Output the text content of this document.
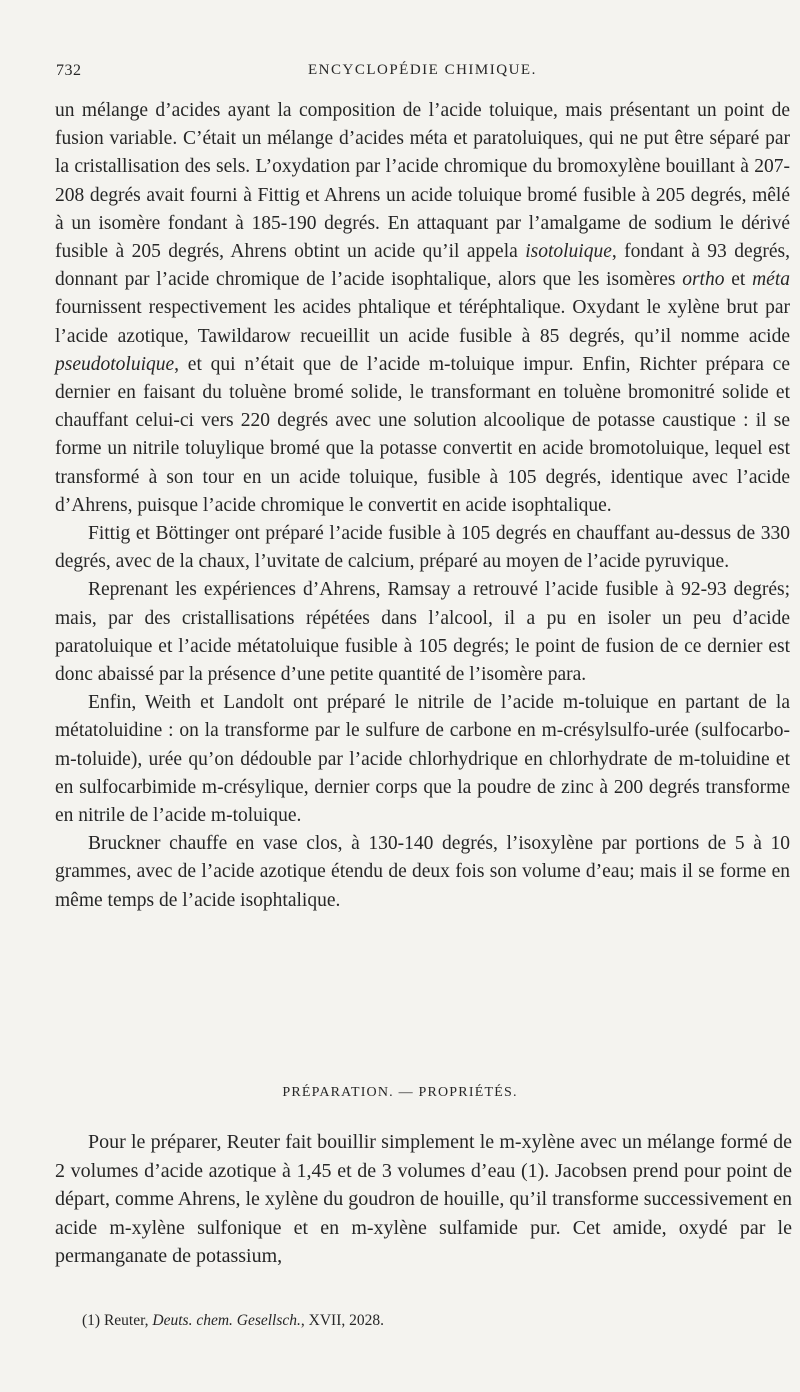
732	ENCYCLOPÉDIE CHIMIQUE.

un mélange d’acides ayant la composition de l’acide toluique, mais présentant un point de fusion variable. C’était un mélange d’acides méta et paratoluiques, qui ne put être séparé par la cristallisation des sels. L’oxydation par l’acide chromique du bromoxylène bouillant à 207-208 degrés avait fourni à Fittig et Ahrens un acide toluique bromé fusible à 205 degrés, mêlé à un isomère fondant à 185-190 degrés. En attaquant par l’amalgame de sodium le dérivé fusible à 205 degrés, Ahrens obtint un acide qu’il appela isotoluique, fondant à 93 degrés, donnant par l’acide chromique de l’acide isophtalique, alors que les isomères ortho et méta fournissent respectivement les acides phtalique et téréphtalique. Oxydant le xylène brut par l’acide azotique, Tawildarow recueillit un acide fusible à 85 degrés, qu’il nomme acide pseudotoluique, et qui n’était que de l’acide m-toluique impur. Enfin, Richter prépara ce dernier en faisant du toluène bromé solide, le transformant en toluène bromonitré solide et chauffant celui-ci vers 220 degrés avec une solution alcoolique de potasse caustique : il se forme un nitrile toluylique bromé que la potasse convertit en acide bromotoluique, lequel est transformé à son tour en un acide toluique, fusible à 105 degrés, identique avec l’acide d’Ahrens, puisque l’acide chromique le convertit en acide isophtalique.

Fittig et Böttinger ont préparé l’acide fusible à 105 degrés en chauffant au-dessus de 330 degrés, avec de la chaux, l’uvitate de calcium, préparé au moyen de l’acide pyruvique.

Reprenant les expériences d’Ahrens, Ramsay a retrouvé l’acide fusible à 92-93 degrés; mais, par des cristallisations répétées dans l’alcool, il a pu en isoler un peu d’acide paratoluique et l’acide métatoluique fusible à 105 degrés; le point de fusion de ce dernier est donc abaissé par la présence d’une petite quantité de l’isomère para.

Enfin, Weith et Landolt ont préparé le nitrile de l’acide m-toluique en partant de la métatoluidine : on la transforme par le sulfure de carbone en m-crésylsulfo-urée (sulfocarbo-m-toluide), urée qu’on dédouble par l’acide chlorhydrique en chlorhydrate de m-toluidine et en sulfocarbimide m-crésylique, dernier corps que la poudre de zinc à 200 degrés transforme en nitrile de l’acide m-toluique.

Bruckner chauffe en vase clos, à 130-140 degrés, l’isoxylène par portions de 5 à 10 grammes, avec de l’acide azotique étendu de deux fois son volume d’eau; mais il se forme en même temps de l’acide isophtalique.

PRÉPARATION. — PROPRIÉTÉS.

Pour le préparer, Reuter fait bouillir simplement le m-xylène avec un mélange formé de 2 volumes d’acide azotique à 1,45 et de 3 volumes d’eau (1). Jacobsen prend pour point de départ, comme Ahrens, le xylène du goudron de houille, qu’il transforme successivement en acide m-xylène sulfonique et en m-xylène sulfamide pur. Cet amide, oxydé par le permanganate de potassium,

(1) Reuter, Deuts. chem. Gesellsch., XVII, 2028.
